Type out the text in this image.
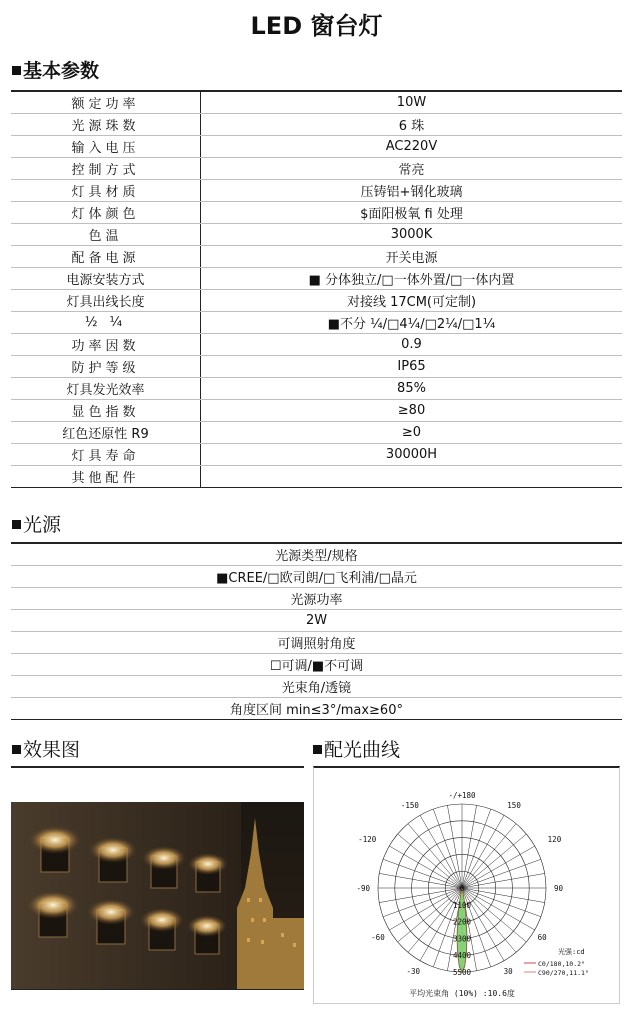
LED 窗台灯
基本参数
额定功率	10W
光源珠数	6 珠
输入电压	AC220V
控制方式	常亮
灯具材质	压铸铝+钢化玻璃
灯体颜色	$面阳极氧 fi 处理
色温	3000K
配备电源	开关电源
电源安装方式	■ 分体独立/□一体外置/□一体内置
灯具出线长度	对接线 17CM(可定制)
½ ¼	■不分 ¼/□4¼/□2¼/□1¼
功率因数	0.9
防护等级	IP65
灯具发光效率	85%
显色指数	≥80
红色还原性 R9	≥0
灯具寿命	30000H
其他配件	
光源
光源类型/规格
■CREE/□欧司朗/□飞利浦/□晶元
光源功率
2W
可调照射角度
☐可调/■不可调
光束角/透镜
角度区间 min≤3°/max≥60°
效果图	配光曲线
-/+180
150
-150
120
-120
90
-90
60
-60
30
-30
0
1100
2200
3300
4400
5500
光强:cd
C0/180,10.2°
C90/270,11.1°
平均光束角 (10%) :10.6度
